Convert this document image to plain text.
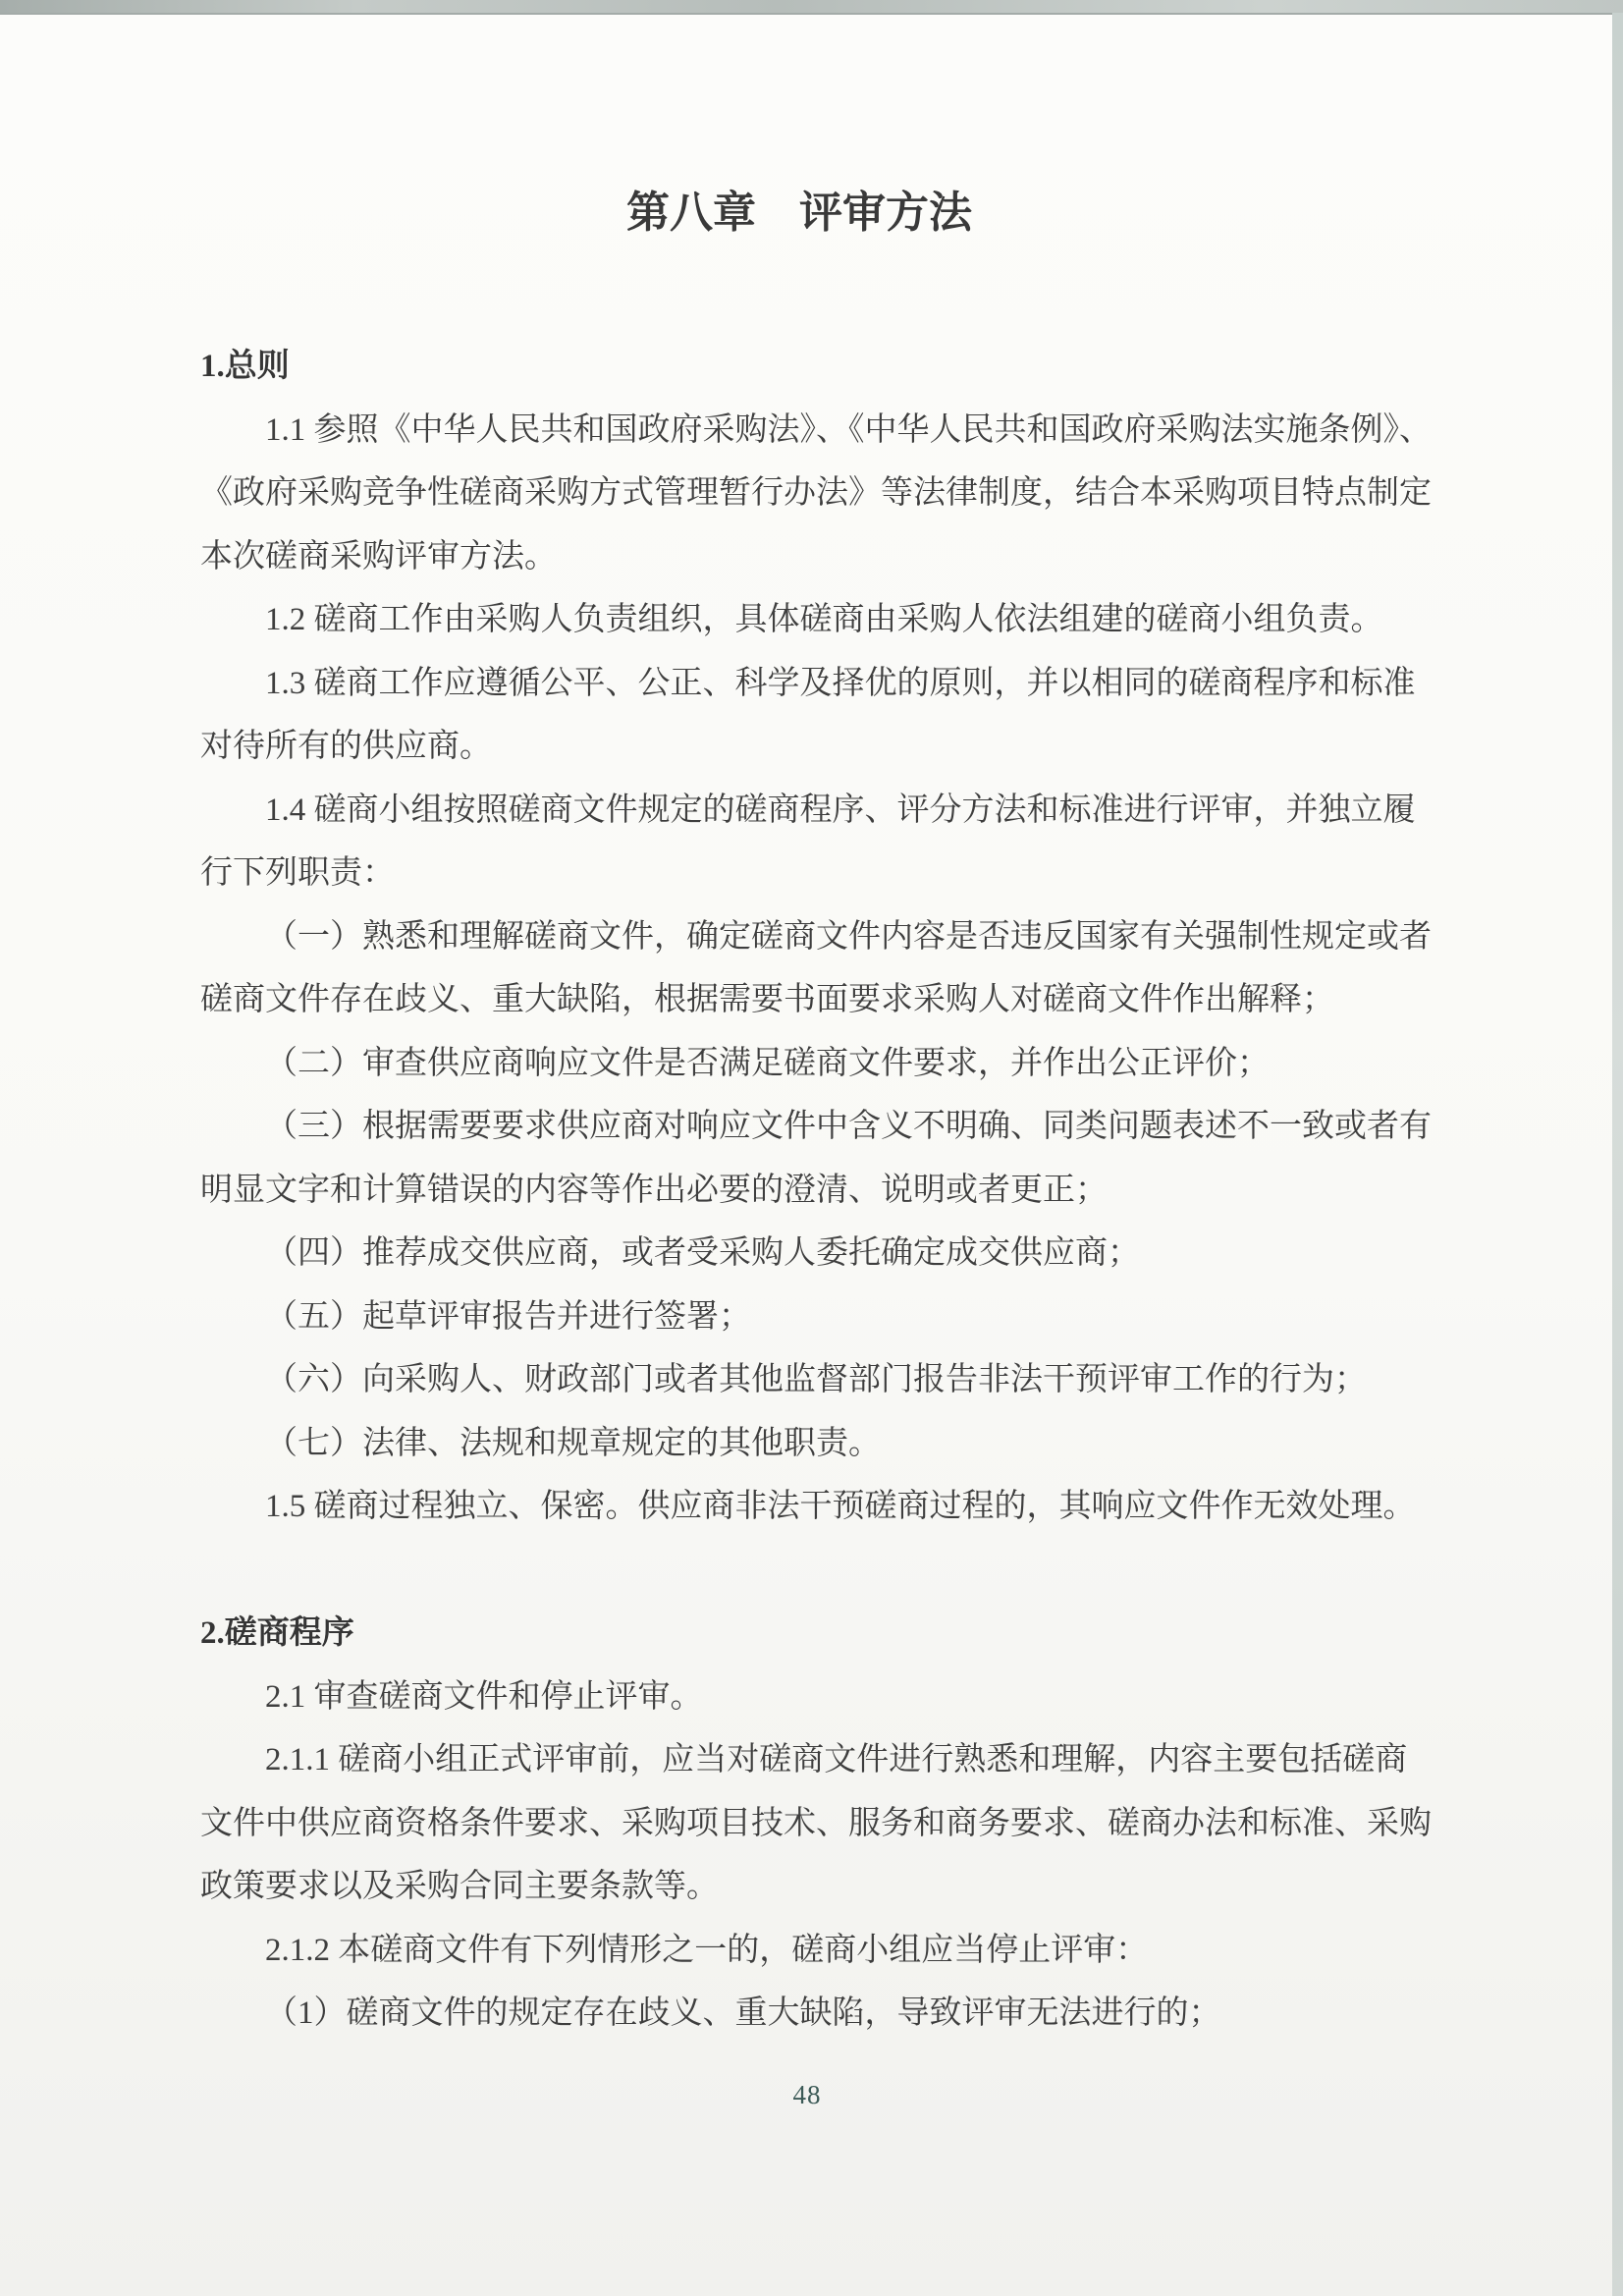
第八章　评审方法
1.总则
1.1 参照《中华人民共和国政府采购法》、《中华人民共和国政府采购法实施条例》、
《政府采购竞争性磋商采购方式管理暂行办法》等法律制度，结合本采购项目特点制定
本次磋商采购评审方法。
1.2 磋商工作由采购人负责组织，具体磋商由采购人依法组建的磋商小组负责。
1.3 磋商工作应遵循公平、公正、科学及择优的原则，并以相同的磋商程序和标准
对待所有的供应商。
1.4 磋商小组按照磋商文件规定的磋商程序、评分方法和标准进行评审，并独立履
行下列职责：
（一）熟悉和理解磋商文件，确定磋商文件内容是否违反国家有关强制性规定或者
磋商文件存在歧义、重大缺陷，根据需要书面要求采购人对磋商文件作出解释；
（二）审查供应商响应文件是否满足磋商文件要求，并作出公正评价；
（三）根据需要要求供应商对响应文件中含义不明确、同类问题表述不一致或者有
明显文字和计算错误的内容等作出必要的澄清、说明或者更正；
（四）推荐成交供应商，或者受采购人委托确定成交供应商；
（五）起草评审报告并进行签署；
（六）向采购人、财政部门或者其他监督部门报告非法干预评审工作的行为；
（七）法律、法规和规章规定的其他职责。
1.5 磋商过程独立、保密。供应商非法干预磋商过程的，其响应文件作无效处理。
2.磋商程序
2.1 审查磋商文件和停止评审。
2.1.1 磋商小组正式评审前，应当对磋商文件进行熟悉和理解，内容主要包括磋商
文件中供应商资格条件要求、采购项目技术、服务和商务要求、磋商办法和标准、采购
政策要求以及采购合同主要条款等。
2.1.2 本磋商文件有下列情形之一的，磋商小组应当停止评审：
（1）磋商文件的规定存在歧义、重大缺陷，导致评审无法进行的；
48
